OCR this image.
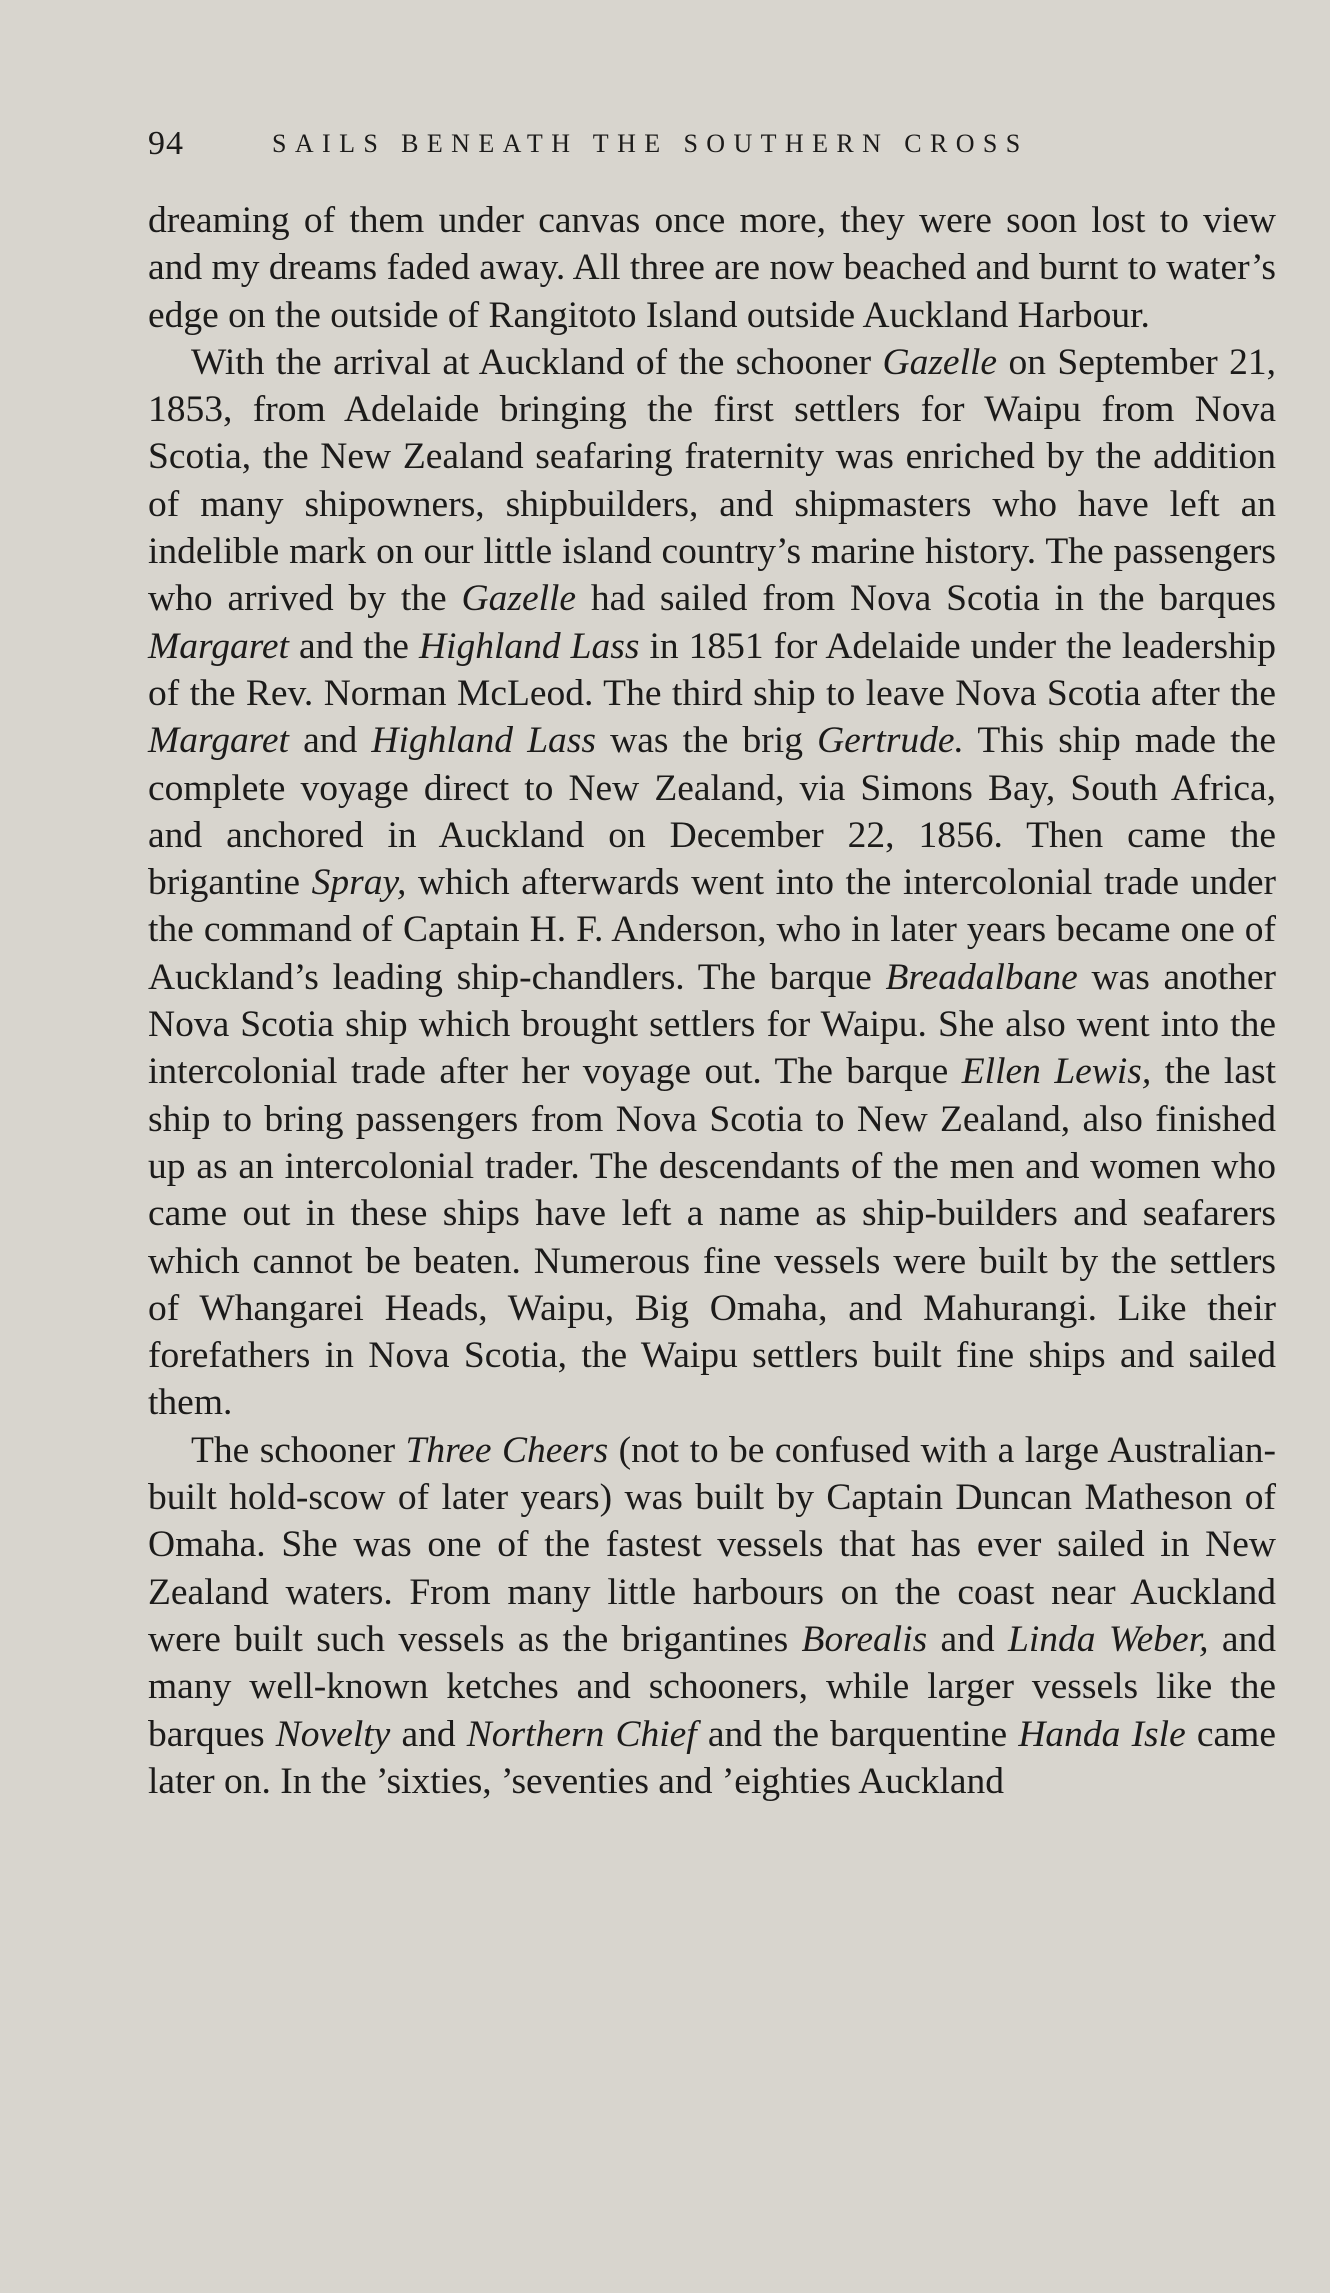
94	SAILS BENEATH THE SOUTHERN CROSS

dreaming of them under canvas once more, they were soon lost to view and my dreams faded away. All three are now beached and burnt to water’s edge on the outside of Rangitoto Island outside Auckland Harbour.

With the arrival at Auckland of the schooner Gazelle on September 21, 1853, from Adelaide bringing the first settlers for Waipu from Nova Scotia, the New Zealand seafaring fraternity was enriched by the addition of many shipowners, shipbuilders, and shipmasters who have left an indelible mark on our little island country’s marine history. The passengers who arrived by the Gazelle had sailed from Nova Scotia in the barques Margaret and the Highland Lass in 1851 for Adelaide under the leadership of the Rev. Norman McLeod. The third ship to leave Nova Scotia after the Margaret and Highland Lass was the brig Gertrude. This ship made the complete voyage direct to New Zealand, via Simons Bay, South Africa, and anchored in Auckland on December 22, 1856. Then came the brigantine Spray, which afterwards went into the intercolonial trade under the command of Captain H. F. Anderson, who in later years became one of Auckland’s leading ship-chandlers. The barque Breadalbane was another Nova Scotia ship which brought settlers for Waipu. She also went into the intercolonial trade after her voyage out. The barque Ellen Lewis, the last ship to bring passengers from Nova Scotia to New Zealand, also finished up as an intercolonial trader. The descendants of the men and women who came out in these ships have left a name as ship-builders and seafarers which cannot be beaten. Numerous fine vessels were built by the settlers of Whangarei Heads, Waipu, Big Omaha, and Mahurangi. Like their forefathers in Nova Scotia, the Waipu settlers built fine ships and sailed them.

The schooner Three Cheers (not to be confused with a large Australian-built hold-scow of later years) was built by Captain Duncan Matheson of Omaha. She was one of the fastest vessels that has ever sailed in New Zealand waters. From many little harbours on the coast near Auckland were built such vessels as the brigantines Borealis and Linda Weber, and many well-known ketches and schooners, while larger vessels like the barques Novelty and Northern Chief and the barquentine Handa Isle came later on. In the ’sixties, ’seventies and ’eighties Auckland
